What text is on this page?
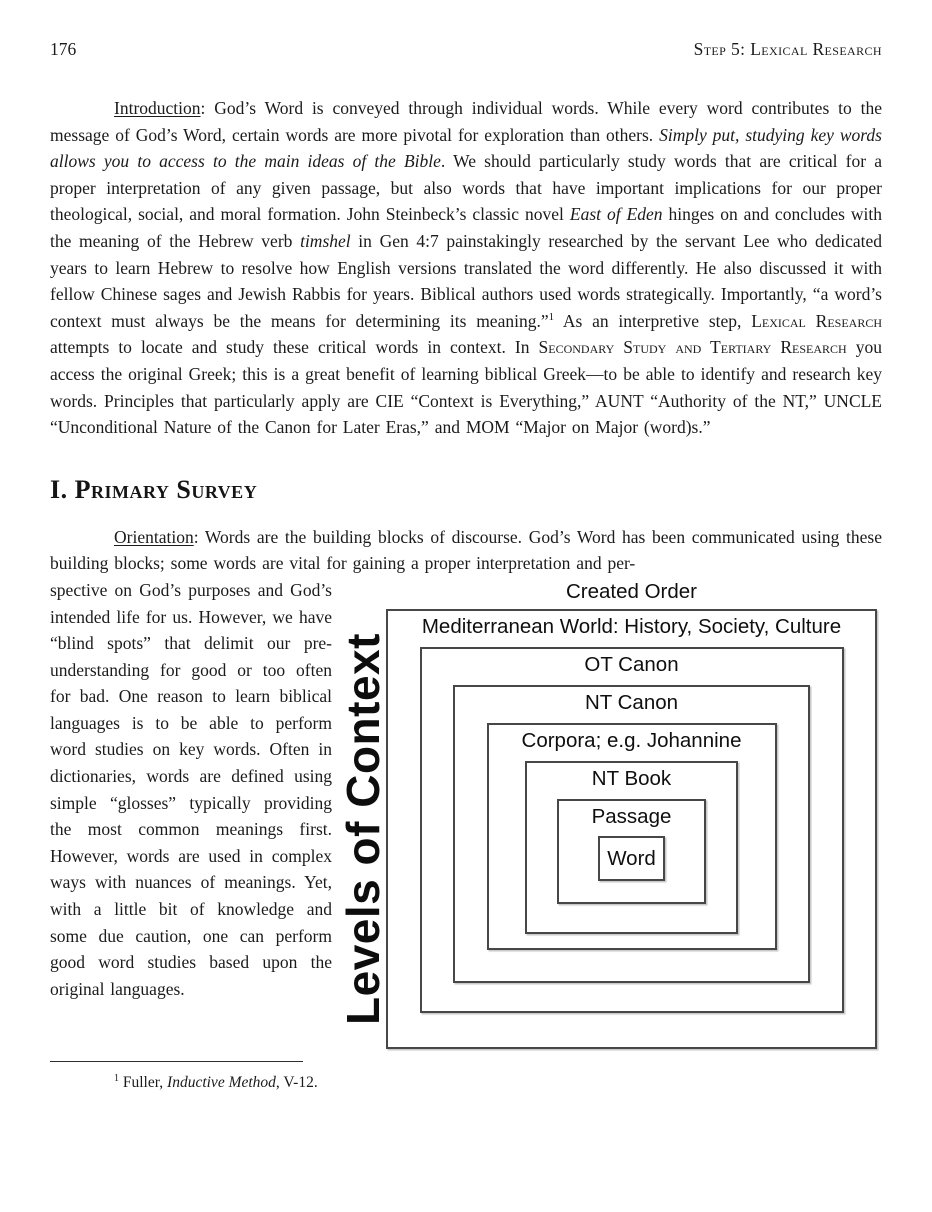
176	Step 5: Lexical Research

Introduction: God’s Word is conveyed through individual words. While every word contributes to the message of God’s Word, certain words are more pivotal for exploration than others. Simply put, studying key words allows you to access to the main ideas of the Bible. We should particularly study words that are critical for a proper interpretation of any given passage, but also words that have important implications for our proper theological, social, and moral formation. John Steinbeck’s classic novel East of Eden hinges on and concludes with the meaning of the Hebrew verb timshel in Gen 4:7 painstakingly researched by the servant Lee who dedicated years to learn Hebrew to resolve how English versions translated the word differently. He also discussed it with fellow Chinese sages and Jewish Rabbis for years. Biblical authors used words strategically. Importantly, “a word’s context must always be the means for determining its meaning.”$^1$ As an interpretive step, Lexical Research attempts to locate and study these critical words in context. In Secondary Study and Tertiary Research you access the original Greek; this is a great benefit of learning biblical Greek—to be able to identify and research key words. Principles that particularly apply are CIE “Context is Everything,” AUNT “Authority of the NT,” UNCLE “Unconditional Nature of the Canon for Later Eras,” and MOM “Major on Major (word)s.”

I. Primary Survey

Orientation: Words are the building blocks of discourse. God’s Word has been communicated using these building blocks; some words are vital for gaining a proper interpretation and per-

spective on God’s purposes and God’s intended life for us. However, we have “blind spots” that delimit our pre-understanding for good or too often for bad. One reason to learn biblical languages is to be able to perform word studies on key words. Often in dictionaries, words are defined using simple “glosses” typically providing the most common meanings first. However, words are used in complex ways with nuances of meanings. Yet, with a little bit of knowledge and some due caution, one can perform good word studies based upon the original languages.	Levels of Context
Created Order
Mediterranean World: History, Society, Culture
OT Canon
NT Canon
Corpora; e.g. Johannine
NT Book
Passage
Word

$^1$ Fuller, Inductive Method, V-12.
